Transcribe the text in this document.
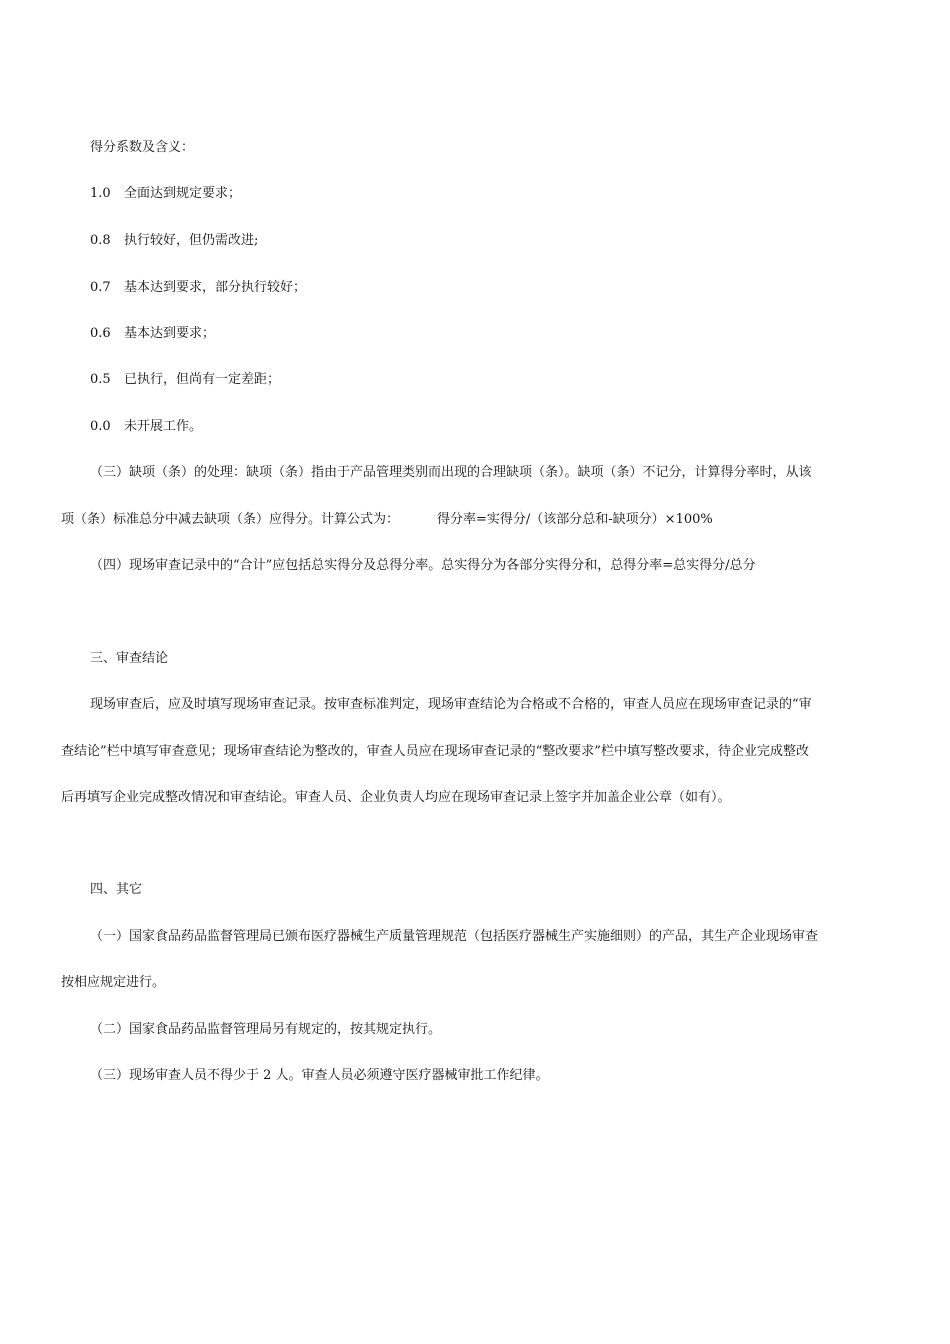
得分系数及含义：
1.0 全面达到规定要求；
0.8 执行较好，但仍需改进;
0.7 基本达到要求，部分执行较好；
0.6 基本达到要求；
0.5 已执行，但尚有一定差距；
0.0 未开展工作。
（三）缺项（条）的处理：缺项（条）指由于产品管理类别而出现的合理缺项（条）。缺项（条）不记分，计算得分率时，从该
项（条）标准总分中减去缺项（条）应得分。计算公式为：	得分率=实得分/（该部分总和-缺项分）×100%
（四）现场审查记录中的“合计”应包括总实得分及总得分率。总实得分为各部分实得分和，总得分率=总实得分/总分
三、审查结论
现场审查后，应及时填写现场审查记录。按审查标准判定，现场审查结论为合格或不合格的，审查人员应在现场审查记录的“审
查结论”栏中填写审查意见；现场审查结论为整改的，审查人员应在现场审查记录的“整改要求”栏中填写整改要求，待企业完成整改
后再填写企业完成整改情况和审查结论。审查人员、企业负责人均应在现场审查记录上签字并加盖企业公章（如有）。
四、其它
（一）国家食品药品监督管理局已颁布医疗器械生产质量管理规范（包括医疗器械生产实施细则）的产品，其生产企业现场审查
按相应规定进行。
（二）国家食品药品监督管理局另有规定的，按其规定执行。
（三）现场审查人员不得少于 2 人。审查人员必须遵守医疗器械审批工作纪律。
